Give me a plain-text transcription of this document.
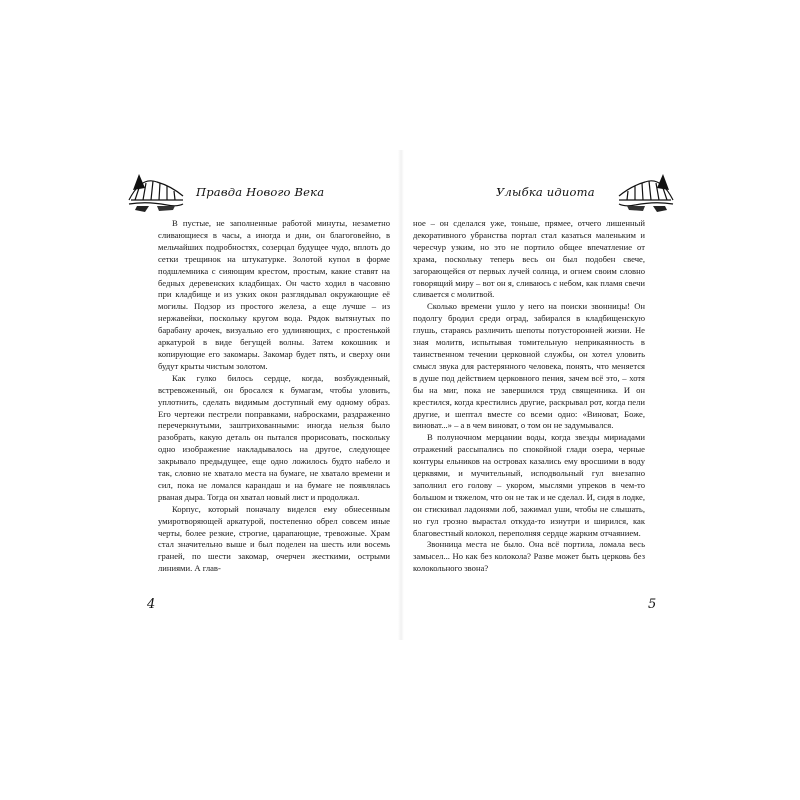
Правда Нового Века	Улыбка идиота

В пустые, не заполненные работой минуты, незаметно сливающиеся в часы, а иногда и дни, он благоговейно, в мельчайших подробностях, созерцал будущее чудо, вплоть до сетки трещинок на штукатурке. Золотой купол в форме подшлемника с сияющим крестом, простым, какие ставят на бедных деревенских кладбищах. Он часто ходил в часовню при кладбище и из узких окон разглядывал окружающие её могилы. Подзор из простого железа, а еще лучше – из нержавейки, поскольку кругом вода. Рядок вытянутых по барабану арочек, визуально его удлиняющих, с простенькой аркатурой в виде бегущей волны. Затем кокошник и копирующие его закомары. Закомар будет пять, и сверху они будут крыты чистым золотом.

Как гулко билось сердце, когда, возбужденный, встревоженный, он бросался к бумагам, чтобы уловить, уплотнить, сделать видимым доступный ему одному образ. Его чертежи пестрели поправками, набросками, раздраженно перечеркнутыми, заштрихованными: иногда нельзя было разобрать, какую деталь он пытался прорисовать, поскольку одно изображение накладывалось на другое, следующее закрывало предыдущее, еще одно ложилось будто набело и так, словно не хватало места на бумаге, не хватало времени и сил, пока не ломался карандаш и на бумаге не появлялась рваная дыра. Тогда он хватал новый лист и продолжал.

Корпус, который поначалу виделся ему обнесенным умиротворяющей аркатурой, постепенно обрел совсем иные черты, более резкие, строгие, царапающие, тревожные. Храм стал значительно выше и был поделен на шесть или восемь граней, по шести закомар, очерчен жесткими, острыми линиями. А глав-

ное – он сделался уже, тоньше, прямее, отчего лишенный декоративного убранства портал стал казаться маленьким и чересчур узким, но это не портило общее впечатление от храма, поскольку теперь весь он был подобен свече, загорающейся от первых лучей солнца, и огнем своим словно говорящий миру – вот он я, сливаюсь с небом, как пламя свечи сливается с молитвой.

Сколько времени ушло у него на поиски звонницы! Он подолгу бродил среди оград, забирался в кладбищенскую глушь, стараясь различить шепоты потусторонней жизни. Не зная молитв, испытывая томительную неприкаянность в таинственном течении церковной службы, он хотел уловить смысл звука для растерянного человека, понять, что меняется в душе под действием церковного пения, зачем всё это, – хотя бы на миг, пока не завершился труд священника. И он крестился, когда крестились другие, раскрывал рот, когда пели другие, и шептал вместе со всеми одно: «Виноват, Боже, виноват...» – а в чем виноват, о том он не задумывался.

В полуночном мерцании воды, когда звезды мириадами отражений рассыпались по спокойной глади озера, черные контуры ельников на островах казались ему вросшими в воду церквями, и мучительный, исподвольный гул внезапно заполнил его голову – укором, мыслями упреков в чем-то большом и тяжелом, что он не так и не сделал. И, сидя в лодке, он стискивал ладонями лоб, зажимал уши, чтобы не слышать, но гул грозно вырастал откуда-то изнутри и ширился, как благовестный колокол, переполняя сердце жарким отчаянием.

Звонница места не было. Она всё портила, ломала весь замысел... Но как без колокола? Разве может быть церковь без колокольного звона?

4	5
